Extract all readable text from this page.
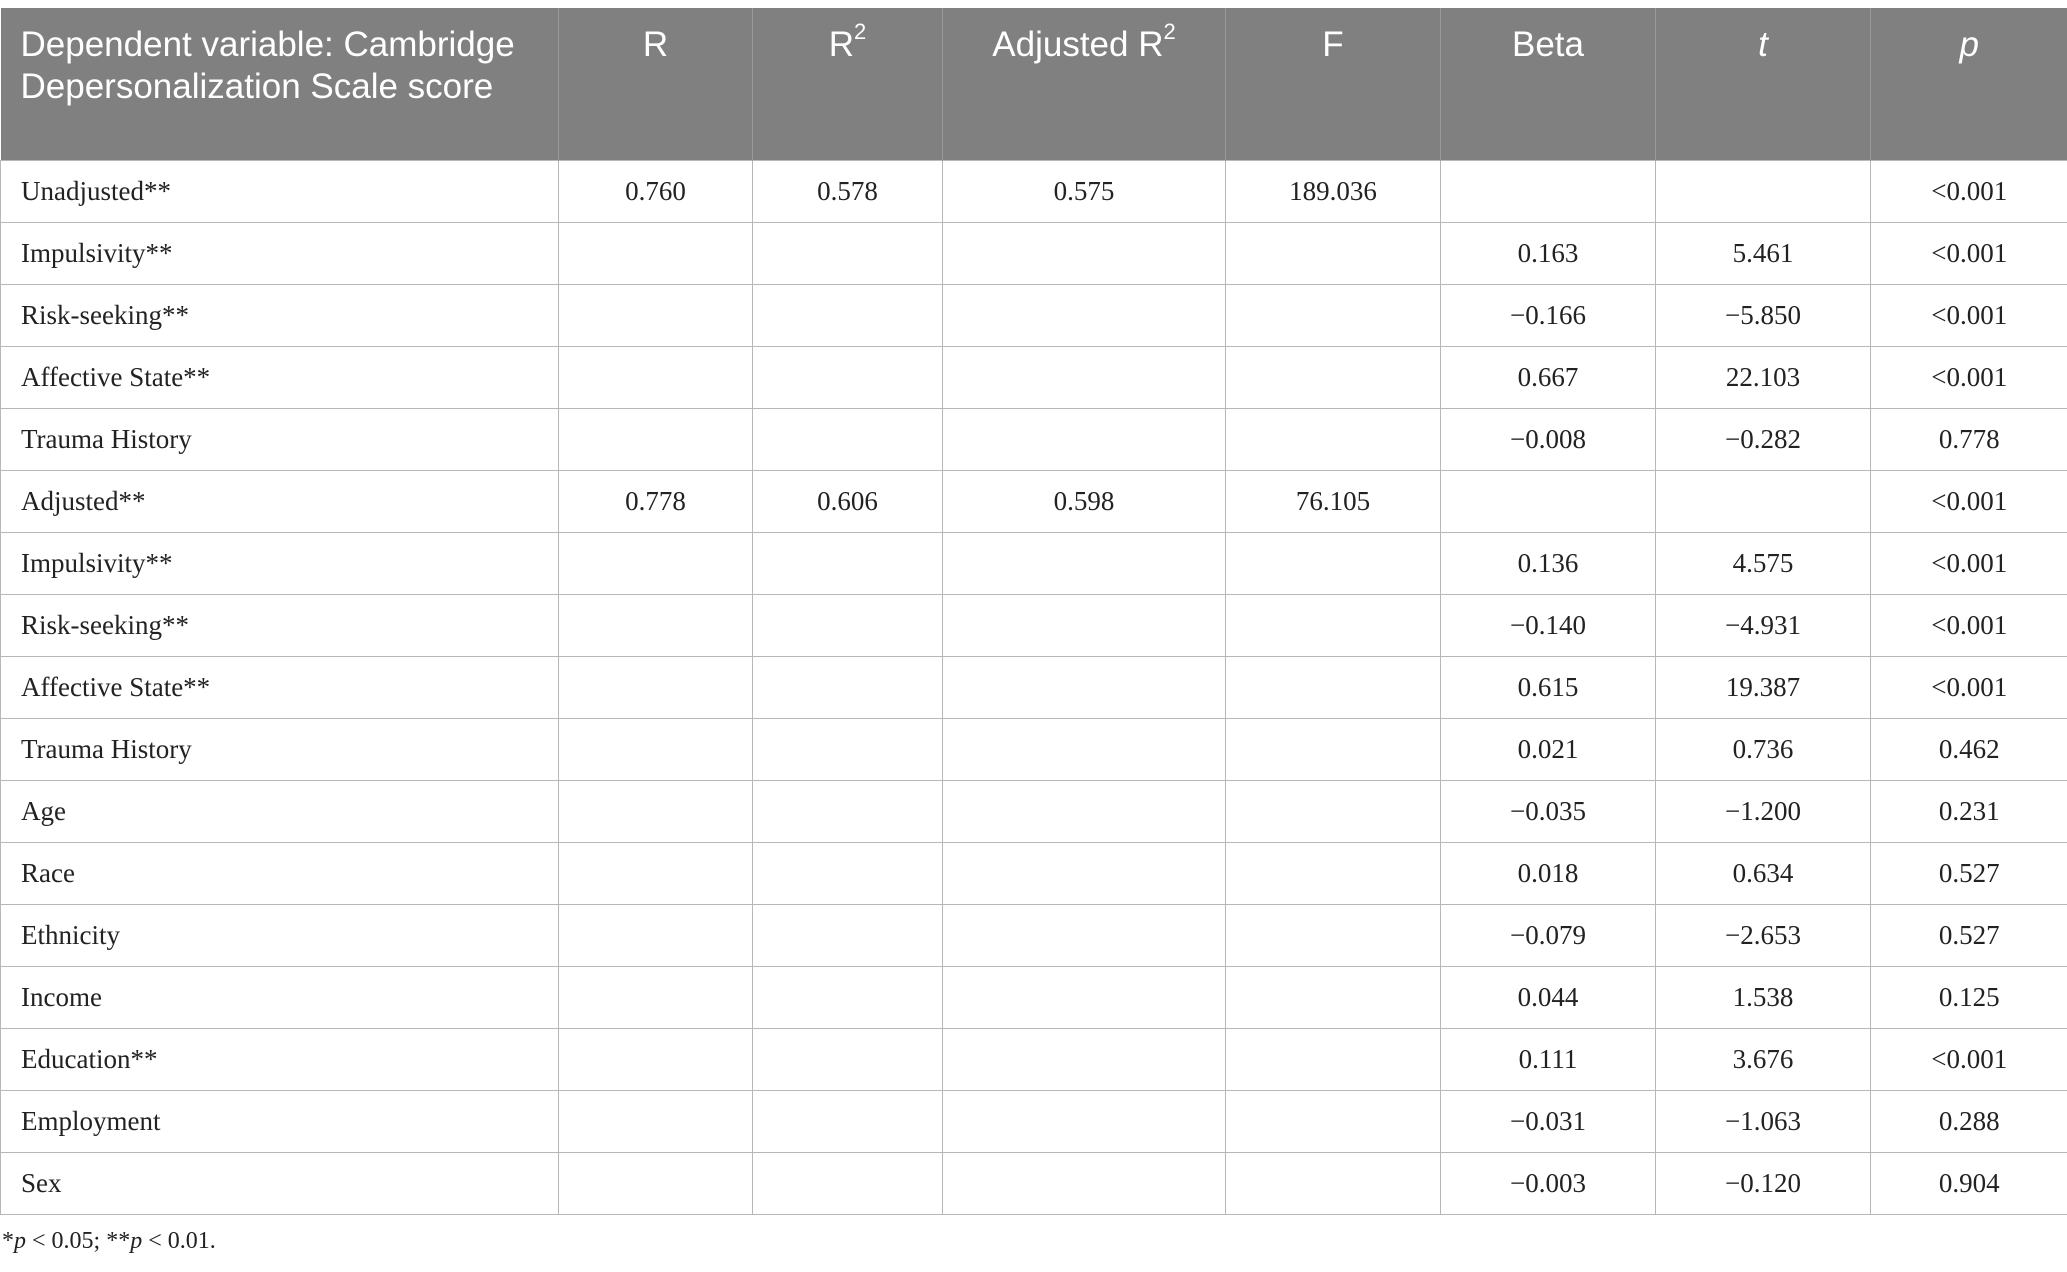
Dependent variable: Cambridge Depersonalization Scale score	R	$R^2$	Adjusted $R^2$	F	Beta	t	p
Unadjusted**	0.760	0.578	0.575	189.036			<0.001
Impulsivity**					0.163	5.461	<0.001
Risk-seeking**					−0.166	−5.850	<0.001
Affective State**					0.667	22.103	<0.001
Trauma History					−0.008	−0.282	0.778
Adjusted**	0.778	0.606	0.598	76.105			<0.001
Impulsivity**					0.136	4.575	<0.001
Risk-seeking**					−0.140	−4.931	<0.001
Affective State**					0.615	19.387	<0.001
Trauma History					0.021	0.736	0.462
Age					−0.035	−1.200	0.231
Race					0.018	0.634	0.527
Ethnicity					−0.079	−2.653	0.527
Income					0.044	1.538	0.125
Education**					0.111	3.676	<0.001
Employment					−0.031	−1.063	0.288
Sex					−0.003	−0.120	0.904
*p < 0.05; **p < 0.01.
